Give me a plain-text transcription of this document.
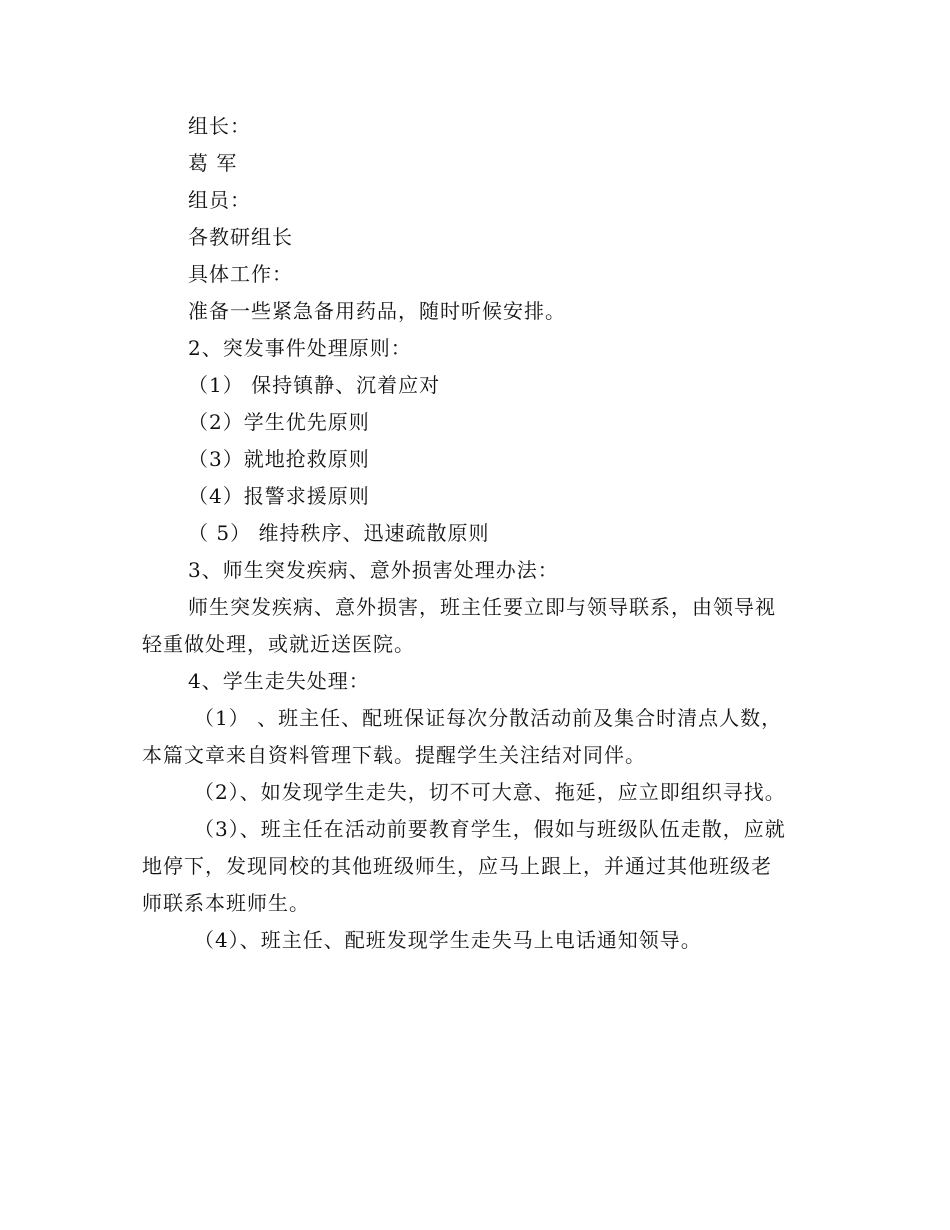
组长：
葛 军
组员：
各教研组长
具体工作：
准备一些紧急备用药品，随时听候安排。
2、突发事件处理原则：
（1） 保持镇静、沉着应对
（2）学生优先原则
（3）就地抢救原则
（4）报警求援原则
（ 5） 维持秩序、迅速疏散原则
3、师生突发疾病、意外损害处理办法：
师生突发疾病、意外损害，班主任要立即与领导联系，由领导视
轻重做处理，或就近送医院。
4、学生走失处理：
（1） 、班主任、配班保证每次分散活动前及集合时清点人数，
本篇文章来自资料管理下载。提醒学生关注结对同伴。
（2）、如发现学生走失，切不可大意、拖延，应立即组织寻找。
（3）、班主任在活动前要教育学生，假如与班级队伍走散，应就
地停下，发现同校的其他班级师生，应马上跟上，并通过其他班级老
师联系本班师生。
（4）、班主任、配班发现学生走失马上电话通知领导。
